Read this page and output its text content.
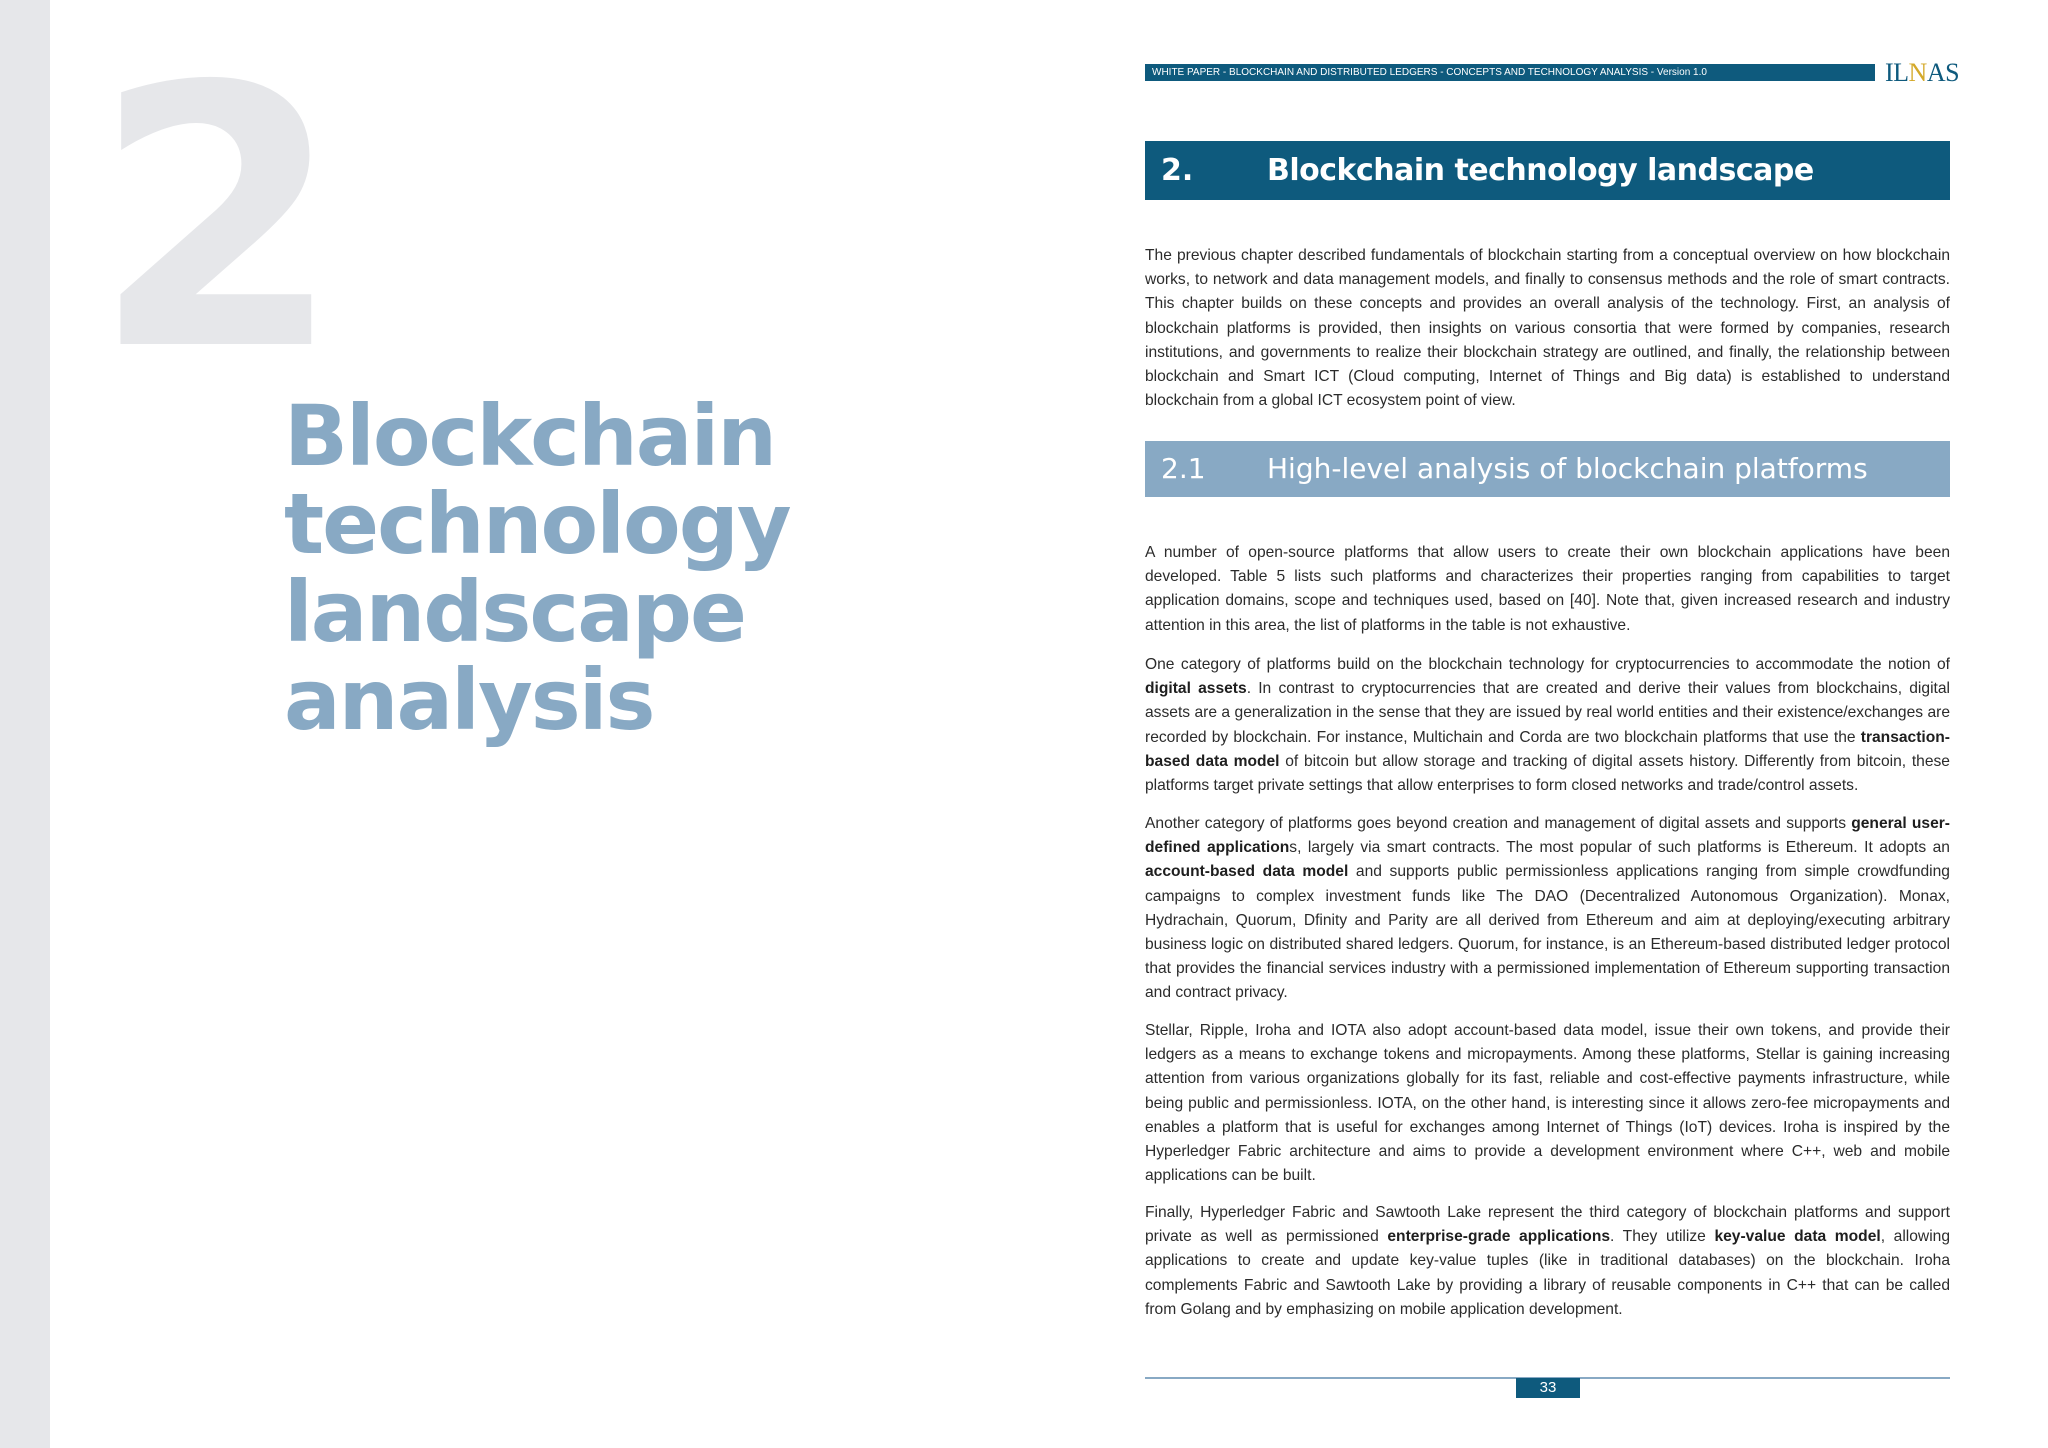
2
Blockchain
technology
landscape
analysis
WHITE PAPER - BLOCKCHAIN AND DISTRIBUTED LEDGERS - CONCEPTS AND TECHNOLOGY ANALYSIS - Version 1.0	ILNAS
2. Blockchain technology landscape analysis

The previous chapter described fundamentals of blockchain starting from a conceptual overview on how blockchain works, to network and data management models, and finally to consensus methods and the role of smart contracts. This chapter builds on these concepts and provides an overall analysis of the technology. First, an analysis of blockchain platforms is provided, then insights on various consortia that were formed by companies, research institutions, and governments to realize their blockchain strategy are outlined, and finally, the relationship between blockchain and Smart ICT (Cloud computing, Internet of Things and Big data) is established to understand blockchain from a global ICT ecosystem point of view.

2.1 High-level analysis of blockchain platforms

A number of open-source platforms that allow users to create their own blockchain applications have been developed. Table 5 lists such platforms and characterizes their properties ranging from capabilities to target application domains, scope and techniques used, based on [40]. Note that, given increased research and industry attention in this area, the list of platforms in the table is not exhaustive.

One category of platforms build on the blockchain technology for cryptocurrencies to accommodate the notion of digital assets. In contrast to cryptocurrencies that are created and derive their values from blockchains, digital assets are a generalization in the sense that they are issued by real world entities and their existence/exchanges are recorded by blockchain. For instance, Multichain and Corda are two blockchain platforms that use the transaction-based data model of bitcoin but allow storage and tracking of digital assets history. Differently from bitcoin, these platforms target private settings that allow enterprises to form closed networks and trade/control assets.

Another category of platforms goes beyond creation and management of digital assets and supports general user-defined applications, largely via smart contracts. The most popular of such platforms is Ethereum. It adopts an account-based data model and supports public permissionless applications ranging from simple crowdfunding campaigns to complex investment funds like The DAO (Decentralized Autonomous Organization). Monax, Hydrachain, Quorum, Dfinity and Parity are all derived from Ethereum and aim at deploying/executing arbitrary business logic on distributed shared ledgers. Quorum, for instance, is an Ethereum-based distributed ledger protocol that provides the financial services industry with a permissioned implementation of Ethereum supporting transaction and contract privacy.

Stellar, Ripple, Iroha and IOTA also adopt account-based data model, issue their own tokens, and provide their ledgers as a means to exchange tokens and micropayments. Among these platforms, Stellar is gaining increasing attention from various organizations globally for its fast, reliable and cost-effective payments infrastructure, while being public and permissionless. IOTA, on the other hand, is interesting since it allows zero-fee micropayments and enables a platform that is useful for exchanges among Internet of Things (IoT) devices. Iroha is inspired by the Hyperledger Fabric architecture and aims to provide a development environment where C++, web and mobile applications can be built.

Finally, Hyperledger Fabric and Sawtooth Lake represent the third category of blockchain platforms and support private as well as permissioned enterprise-grade applications. They utilize key-value data model, allowing applications to create and update key-value tuples (like in traditional databases) on the blockchain. Iroha complements Fabric and Sawtooth Lake by providing a library of reusable components in C++ that can be called from Golang and by emphasizing on mobile application development.

33
